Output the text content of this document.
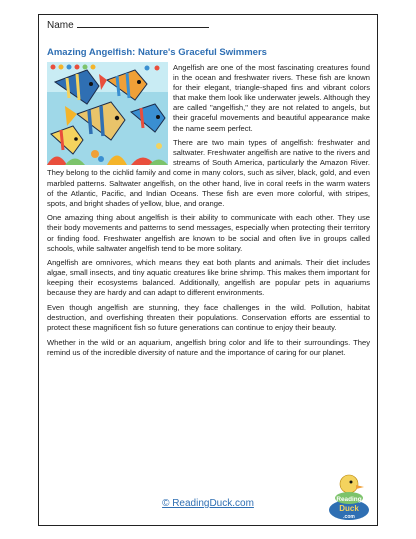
Name
Amazing Angelfish: Nature's Graceful Swimmers

Angelfish are one of the most fascinating creatures found in the ocean and freshwater rivers. These fish are known for their elegant, triangle-shaped fins and vibrant colors that make them look like underwater jewels. Although they are called "angelfish," they are not related to angels, but their graceful movements and beautiful appearance make the name seem perfect.

There are two main types of angelfish: freshwater and saltwater. Freshwater angelfish are native to the rivers and streams of South America, particularly the Amazon River. They belong to the cichlid family and come in many colors, such as silver, black, gold, and even marbled patterns. Saltwater angelfish, on the other hand, live in coral reefs in the warm waters of the Atlantic, Pacific, and Indian Oceans. These fish are even more colorful, with stripes, spots, and bright shades of yellow, blue, and orange.

One amazing thing about angelfish is their ability to communicate with each other. They use their body movements and patterns to send messages, especially when protecting their territory or finding food. Freshwater angelfish are known to be social and often live in groups called schools, while saltwater angelfish tend to be more solitary.

Angelfish are omnivores, which means they eat both plants and animals. Their diet includes algae, small insects, and tiny aquatic creatures like brine shrimp. This makes them important for keeping their ecosystems balanced. Additionally, angelfish are popular pets in aquariums because they are hardy and can adapt to different environments.

Even though angelfish are stunning, they face challenges in the wild. Pollution, habitat destruction, and overfishing threaten their populations. Conservation efforts are essential to protect these magnificent fish so future generations can continue to enjoy their beauty.

Whether in the wild or an aquarium, angelfish bring color and life to their surroundings. They remind us of the incredible diversity of nature and the importance of caring for our planet.

© ReadingDuck.com	Reading
Duck
.com
